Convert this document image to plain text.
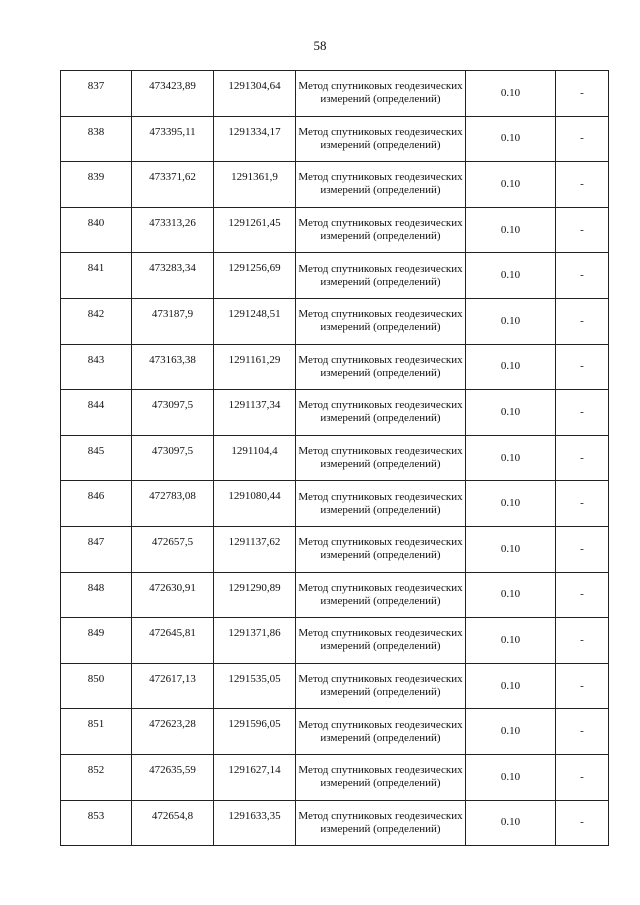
58
837	473423,89	1291304,64	Метод спутниковых геодезических измерений (определений)	0.10	-
838	473395,11	1291334,17	Метод спутниковых геодезических измерений (определений)	0.10	-
839	473371,62	1291361,9	Метод спутниковых геодезических измерений (определений)	0.10	-
840	473313,26	1291261,45	Метод спутниковых геодезических измерений (определений)	0.10	-
841	473283,34	1291256,69	Метод спутниковых геодезических измерений (определений)	0.10	-
842	473187,9	1291248,51	Метод спутниковых геодезических измерений (определений)	0.10	-
843	473163,38	1291161,29	Метод спутниковых геодезических измерений (определений)	0.10	-
844	473097,5	1291137,34	Метод спутниковых геодезических измерений (определений)	0.10	-
845	473097,5	1291104,4	Метод спутниковых геодезических измерений (определений)	0.10	-
846	472783,08	1291080,44	Метод спутниковых геодезических измерений (определений)	0.10	-
847	472657,5	1291137,62	Метод спутниковых геодезических измерений (определений)	0.10	-
848	472630,91	1291290,89	Метод спутниковых геодезических измерений (определений)	0.10	-
849	472645,81	1291371,86	Метод спутниковых геодезических измерений (определений)	0.10	-
850	472617,13	1291535,05	Метод спутниковых геодезических измерений (определений)	0.10	-
851	472623,28	1291596,05	Метод спутниковых геодезических измерений (определений)	0.10	-
852	472635,59	1291627,14	Метод спутниковых геодезических измерений (определений)	0.10	-
853	472654,8	1291633,35	Метод спутниковых геодезических измерений (определений)	0.10	-
